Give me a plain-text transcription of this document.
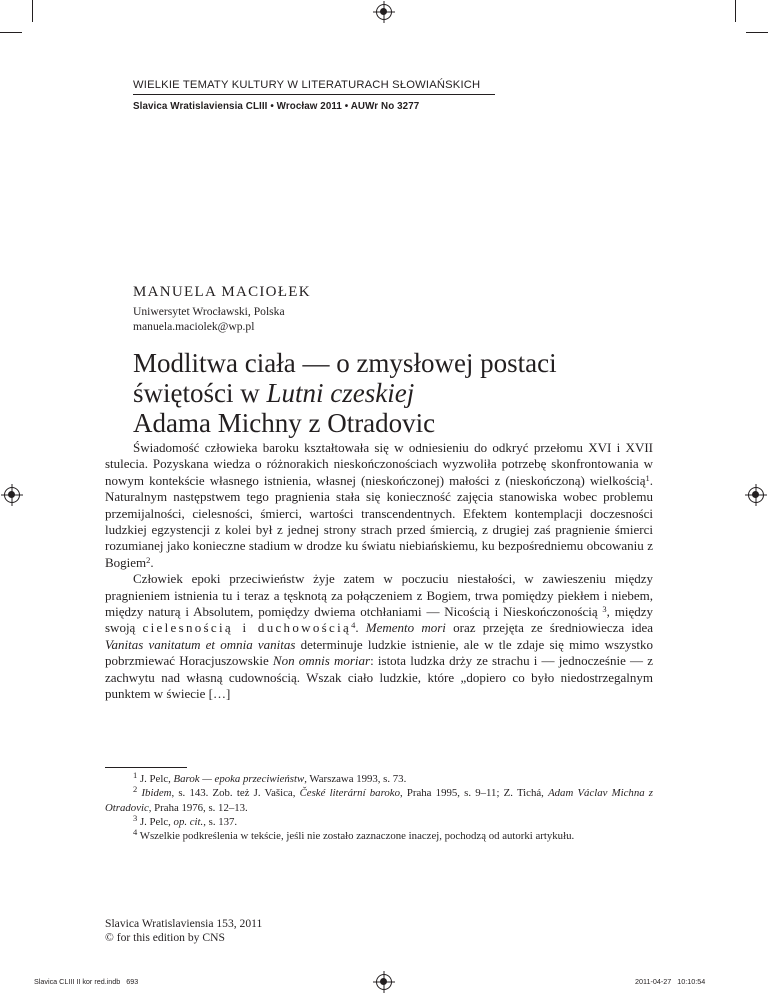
WIELKIE TEMATY KULTURY W LITERATURACH SŁOWIAŃSKICH
Slavica Wratislaviensia CLIII • Wrocław 2011 • AUWr No 3277
MANUELA MACIOŁEK
Uniwersytet Wrocławski, Polska
manuela.maciolek@wp.pl
Modlitwa ciała — o zmysłowej postaci
świętości w Lutni czeskiej
Adama Michny z Otradovic

Świadomość człowieka baroku kształtowała się w odniesieniu do odkryć przełomu XVI i XVII stulecia. Pozyskana wiedza o różnorakich nieskończonościach wyzwoliła potrzebę skonfrontowania w nowym kontekście własnego istnienia, własnej (nieskończonej) małości z (nieskończoną) wielkością$^1$. Naturalnym następstwem tego pragnienia stała się konieczność zajęcia stanowiska wobec problemu przemijalności, cielesności, śmierci, wartości transcendentnych. Efektem kontemplacji doczesności ludzkiej egzystencji z kolei był z jednej strony strach przed śmiercią, z drugiej zaś pragnienie śmierci rozumianej jako konieczne stadium w drodze ku światu niebiańskiemu, ku bezpośredniemu obcowaniu z Bogiem$^2$.

Człowiek epoki przeciwieństw żyje zatem w poczuciu niestałości, w zawieszeniu między pragnieniem istnienia tu i teraz a tęsknotą za połączeniem z Bogiem, trwa pomiędzy piekłem i niebem, między naturą i Absolutem, pomiędzy dwiema otchłaniami — Nicością i Nieskończonością $^3$, między swoją cielesnością i duchowością$^4$. Memento mori oraz przejęta ze średniowiecza idea Vanitas vanitatum et omnia vanitas determinuje ludzkie istnienie, ale w tle zdaje się mimo wszystko pobrzmiewać Horacjuszowskie Non omnis moriar: istota ludzka drży ze strachu i — jednocześnie — z zachwytu nad własną cudownością. Wszak ciało ludzkie, które „dopiero co było niedostrzegalnym punktem w świecie […]

$^1$ J. Pelc, Barok — epoka przeciwieństw, Warszawa 1993, s. 73.

$^2$ Ibidem, s. 143. Zob. też J. Vašica, České literární baroko, Praha 1995, s. 9–11; Z. Tichá, Adam Václav Michna z Otradovic, Praha 1976, s. 12–13.

$^3$ J. Pelc, op. cit., s. 137.

$^4$ Wszelkie podkreślenia w tekście, jeśli nie zostało zaznaczone inaczej, pochodzą od autorki artykułu.

Slavica Wratislaviensia 153, 2011
© for this edition by CNS
Slavica CLIII II kor red.indb   693	2011-04-27   10:10:54
